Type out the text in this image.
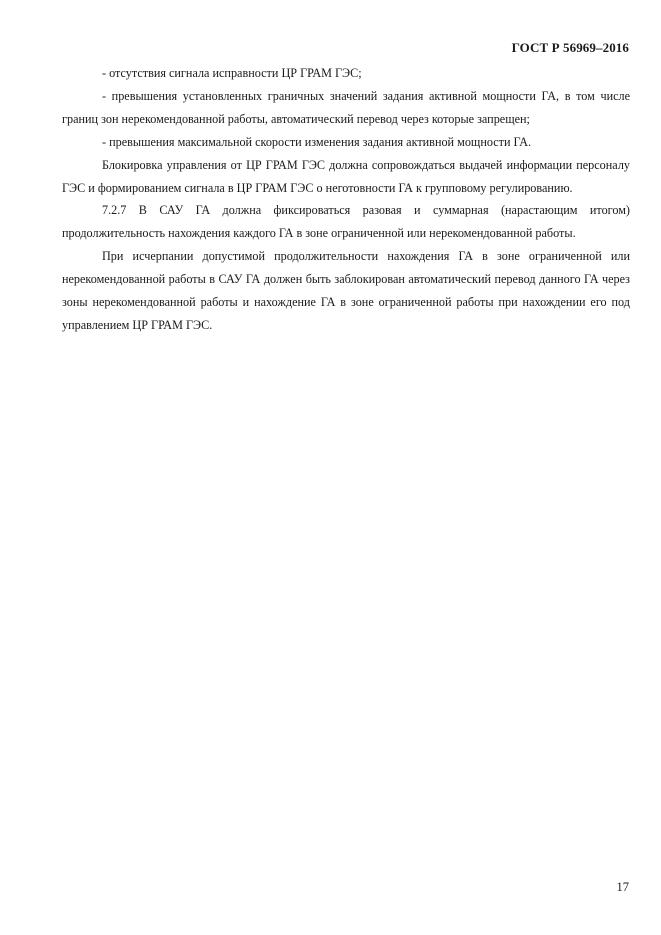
ГОСТ Р 56969–2016

- отсутствия сигнала исправности ЦР ГРАМ ГЭС;

- превышения установленных граничных значений задания активной мощности ГА, в том числе границ зон нерекомендованной работы, автоматический перевод через которые запрещен;

- превышения максимальной скорости изменения задания активной мощности ГА.

Блокировка управления от ЦР ГРАМ ГЭС должна сопровождаться выдачей информации персоналу ГЭС и формированием сигнала в ЦР ГРАМ ГЭС о неготовности ГА к групповому регулированию.

7.2.7 В САУ ГА должна фиксироваться разовая и суммарная (нарастающим итогом) продолжительность нахождения каждого ГА в зоне ограниченной или нерекомендованной работы.

При исчерпании допустимой продолжительности нахождения ГА в зоне ограниченной или нерекомендованной работы в САУ ГА должен быть заблокирован автоматический перевод данного ГА через зоны нерекомендованной работы и нахождение ГА в зоне ограниченной работы при нахождении его под управлением ЦР ГРАМ ГЭС.

17
